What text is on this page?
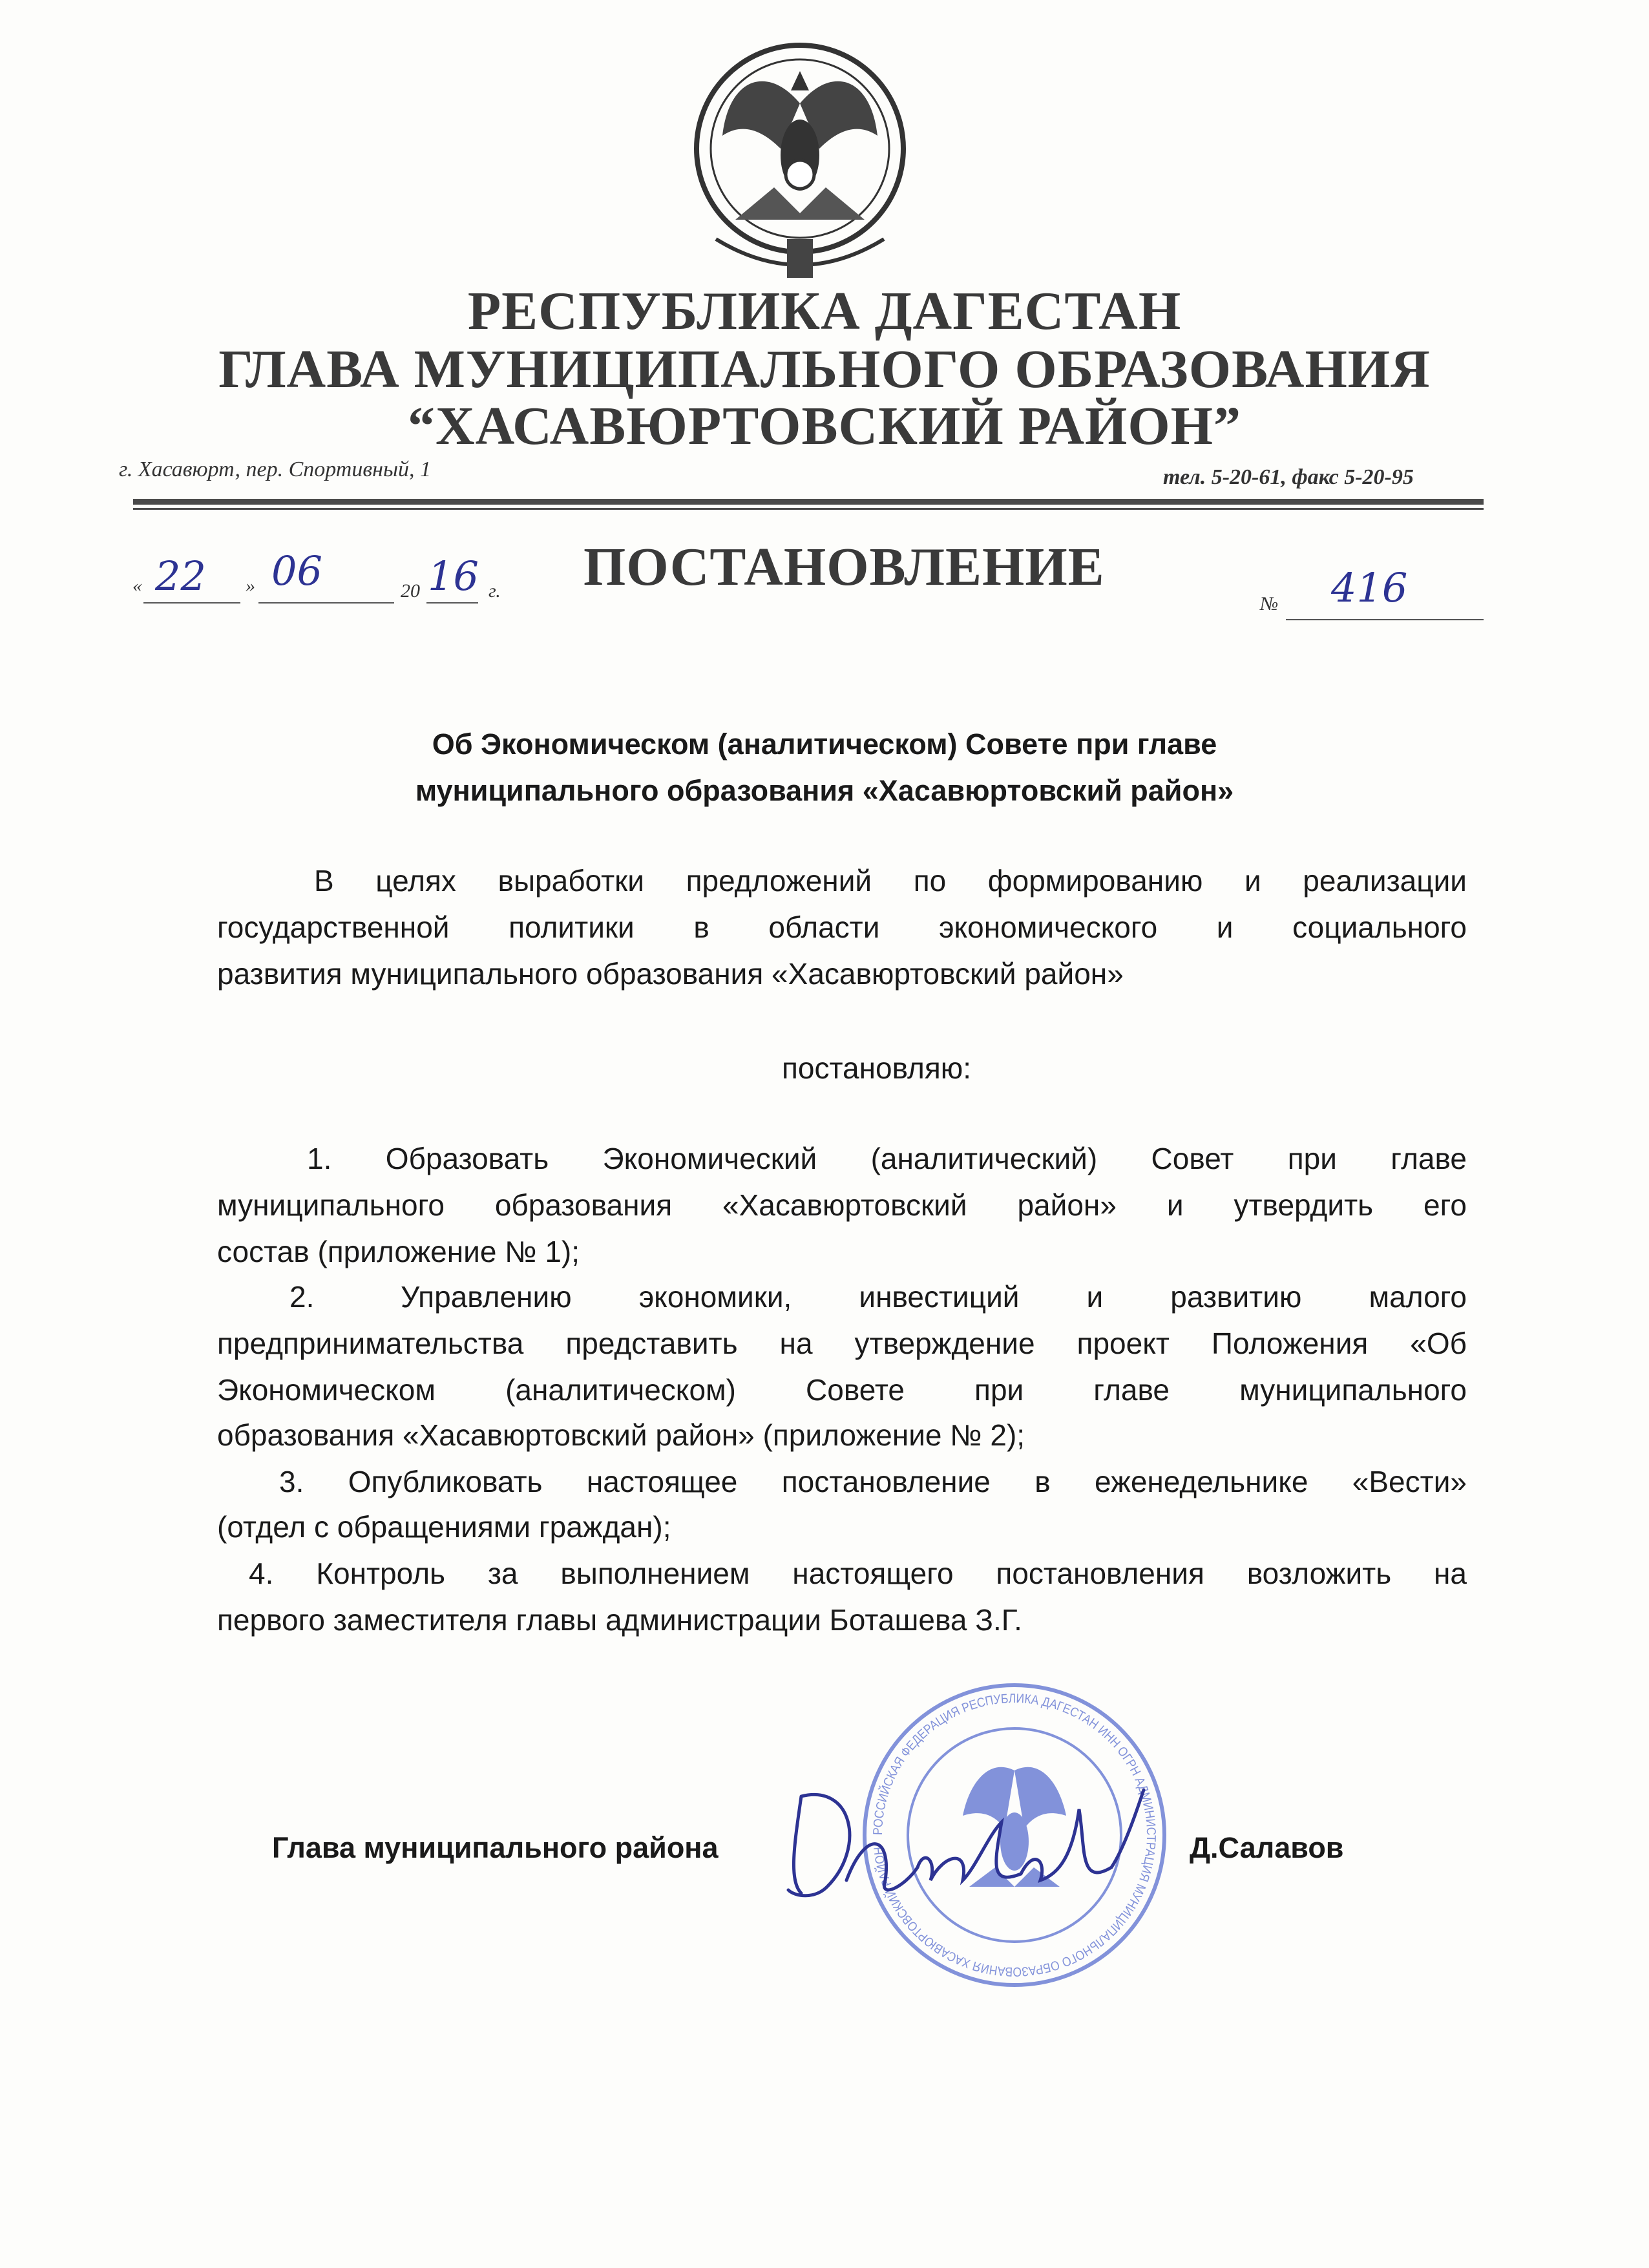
РЕСПУБЛИКА ДАГЕСТАН
ГЛАВА МУНИЦИПАЛЬНОГО ОБРАЗОВАНИЯ
“ХАСАВЮРТОВСКИЙ РАЙОН”
г. Хасавюрт, пер. Спортивный, 1	тел. 5-20-61, факс 5-20-95
« 22 » 06	20 16 г. ПОСТАНОВЛЕНИЕ
№ 416
Об Экономическом (аналитическом) Совете при главе
муниципального образования «Хасавюртовский район»
В целях выработки предложений по формированию и реализации
государственной политики в области экономического и социального
развития муниципального образования «Хасавюртовский район»
постановляю:
1. Образовать Экономический (аналитический) Совет при главе
муниципального образования «Хасавюртовский район» и утвердить его
состав (приложение № 1);
2.	Управлению экономики, инвестиций и развитию малого
предпринимательства представить на утверждение проект Положения «Об
Экономическом (аналитическом) Совете при главе муниципального
образования «Хасавюртовский район» (приложение № 2);
3. Опубликовать настоящее постановление в еженедельнике «Вести»
(отдел с обращениями граждан);
4. Контроль за выполнением настоящего постановления возложить на
первого заместителя главы администрации Боташева З.Г.
РОССИЙСКАЯ ФЕДЕРАЦИЯ РЕСПУБЛИКА ДАГЕСТАН ИНН ОГРН АДМИНИСТРАЦИЯ МУНИЦИПАЛЬНОГО ОБРАЗОВАНИЯ ХАСАВЮРТОВСКИЙ РАЙОН
Глава муниципального района	Д.Салавов
